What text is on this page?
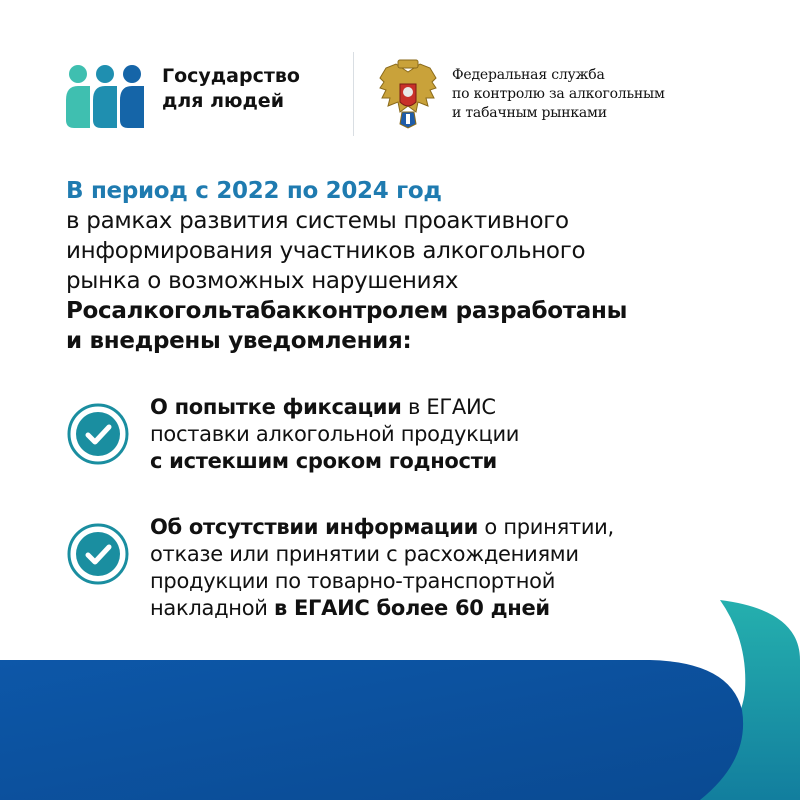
Государство
для людей
Федеральная служба
по контролю за алкогольным
и табачным рынками
В период с 2022 по 2024 год
в рамках развития системы проактивного
информирования участников алкогольного
рынка о возможных нарушениях
Росалкогольтабакконтролем разработаны
и внедрены уведомления:
О попытке фиксации в ЕГАИС
поставки алкогольной продукции
с истекшим сроком годности
Об отсутствии информации о принятии,
отказе или принятии с расхождениями
продукции по товарно-транспортной
накладной в ЕГАИС более 60 дней
